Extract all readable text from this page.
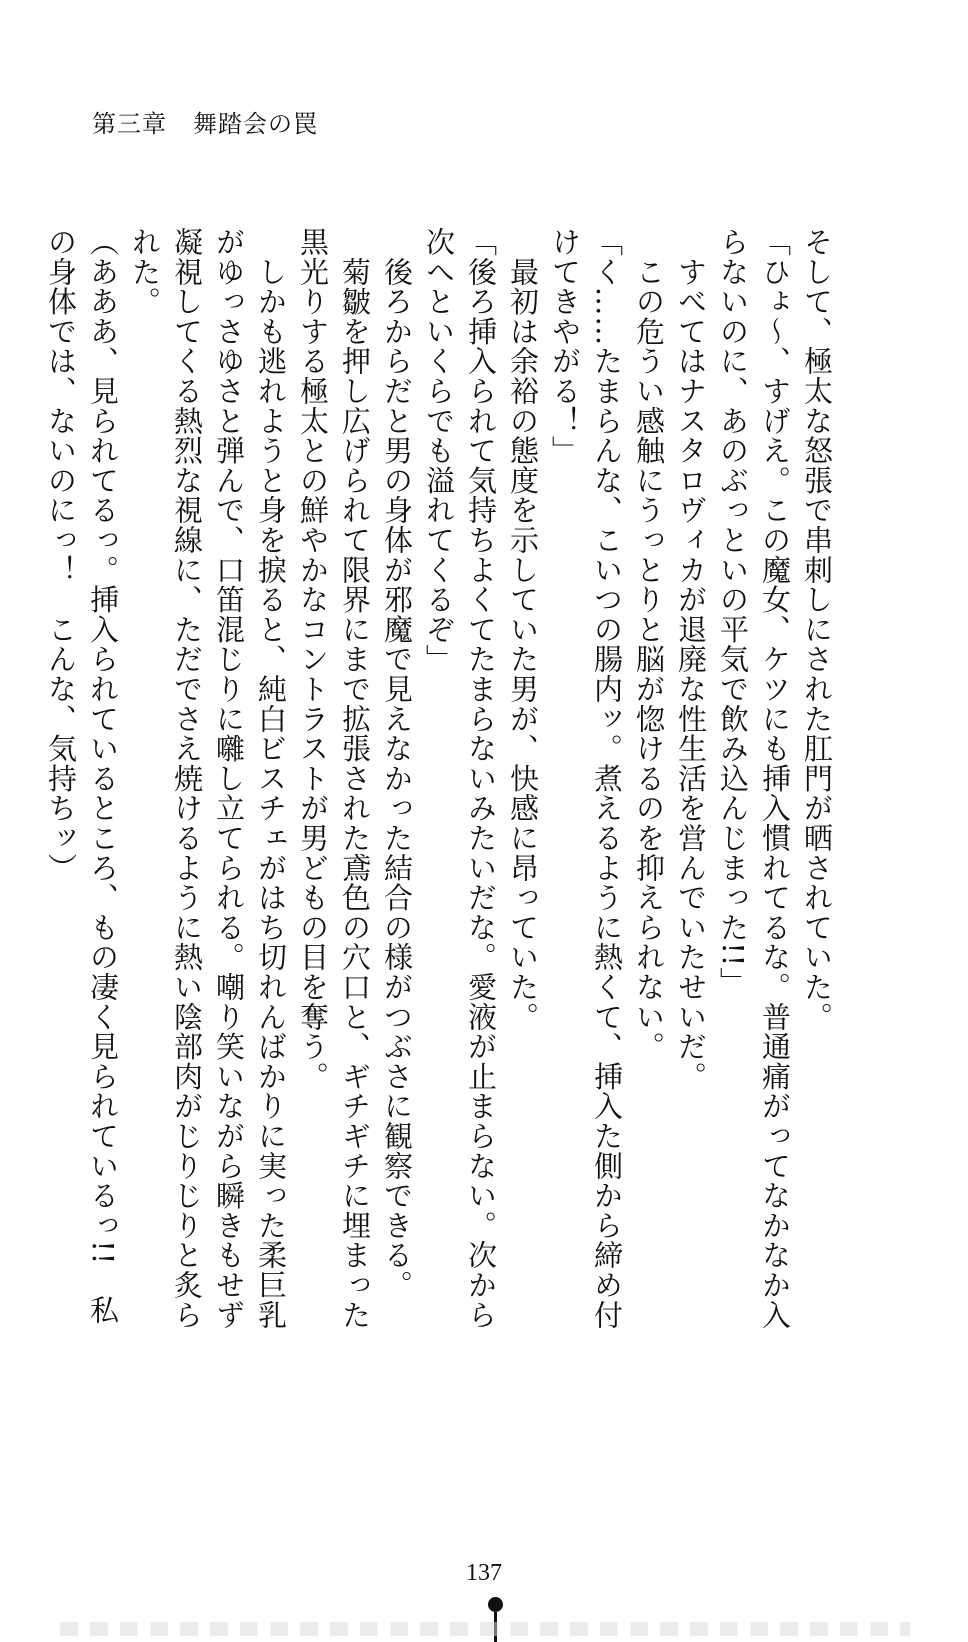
第三章 舞踏会の罠

そして、極太な怒張で串刺しにされた肛門が晒されていた。

「ひょ～、すげえ。この魔女、ケツにも挿入慣れてるな。普通痛がってなかなか入らないのに、あのぶっといの平気で飲み込んじまった!!」

　すべてはナスタロヴィカが退廃な性生活を営んでいたせいだ。

　この危うい感触にうっとりと脳が惚けるのを抑えられない。

「く……たまらんな、こいつの腸内ッ。煮えるように熱くて、挿入た側から締め付けてきやがる！」

　最初は余裕の態度を示していた男が、快感に昂っていた。

「後ろ挿入られて気持ちよくてたまらないみたいだな。愛液が止まらない。次から次へといくらでも溢れてくるぞ」

　後ろからだと男の身体が邪魔で見えなかった結合の様がつぶさに観察できる。

　菊皺を押し広げられて限界にまで拡張された鳶色の穴口と、ギチギチに埋まった黒光りする極太との鮮やかなコントラストが男どもの目を奪う。

　しかも逃れようと身を捩ると、純白ビスチェがはち切れんばかりに実った柔巨乳がゆっさゆさと弾んで、口笛混じりに囃し立てられる。嘲り笑いながら瞬きもせず凝視してくる熱烈な視線に、ただでさえ焼けるように熱い陰部肉がじりじりと炙られた。

（あああ、見られてるっ。挿入られているところ、もの凄く見られているっ!!　私の身体では、ないのにっ！　こんな、気持ちッ）

137
